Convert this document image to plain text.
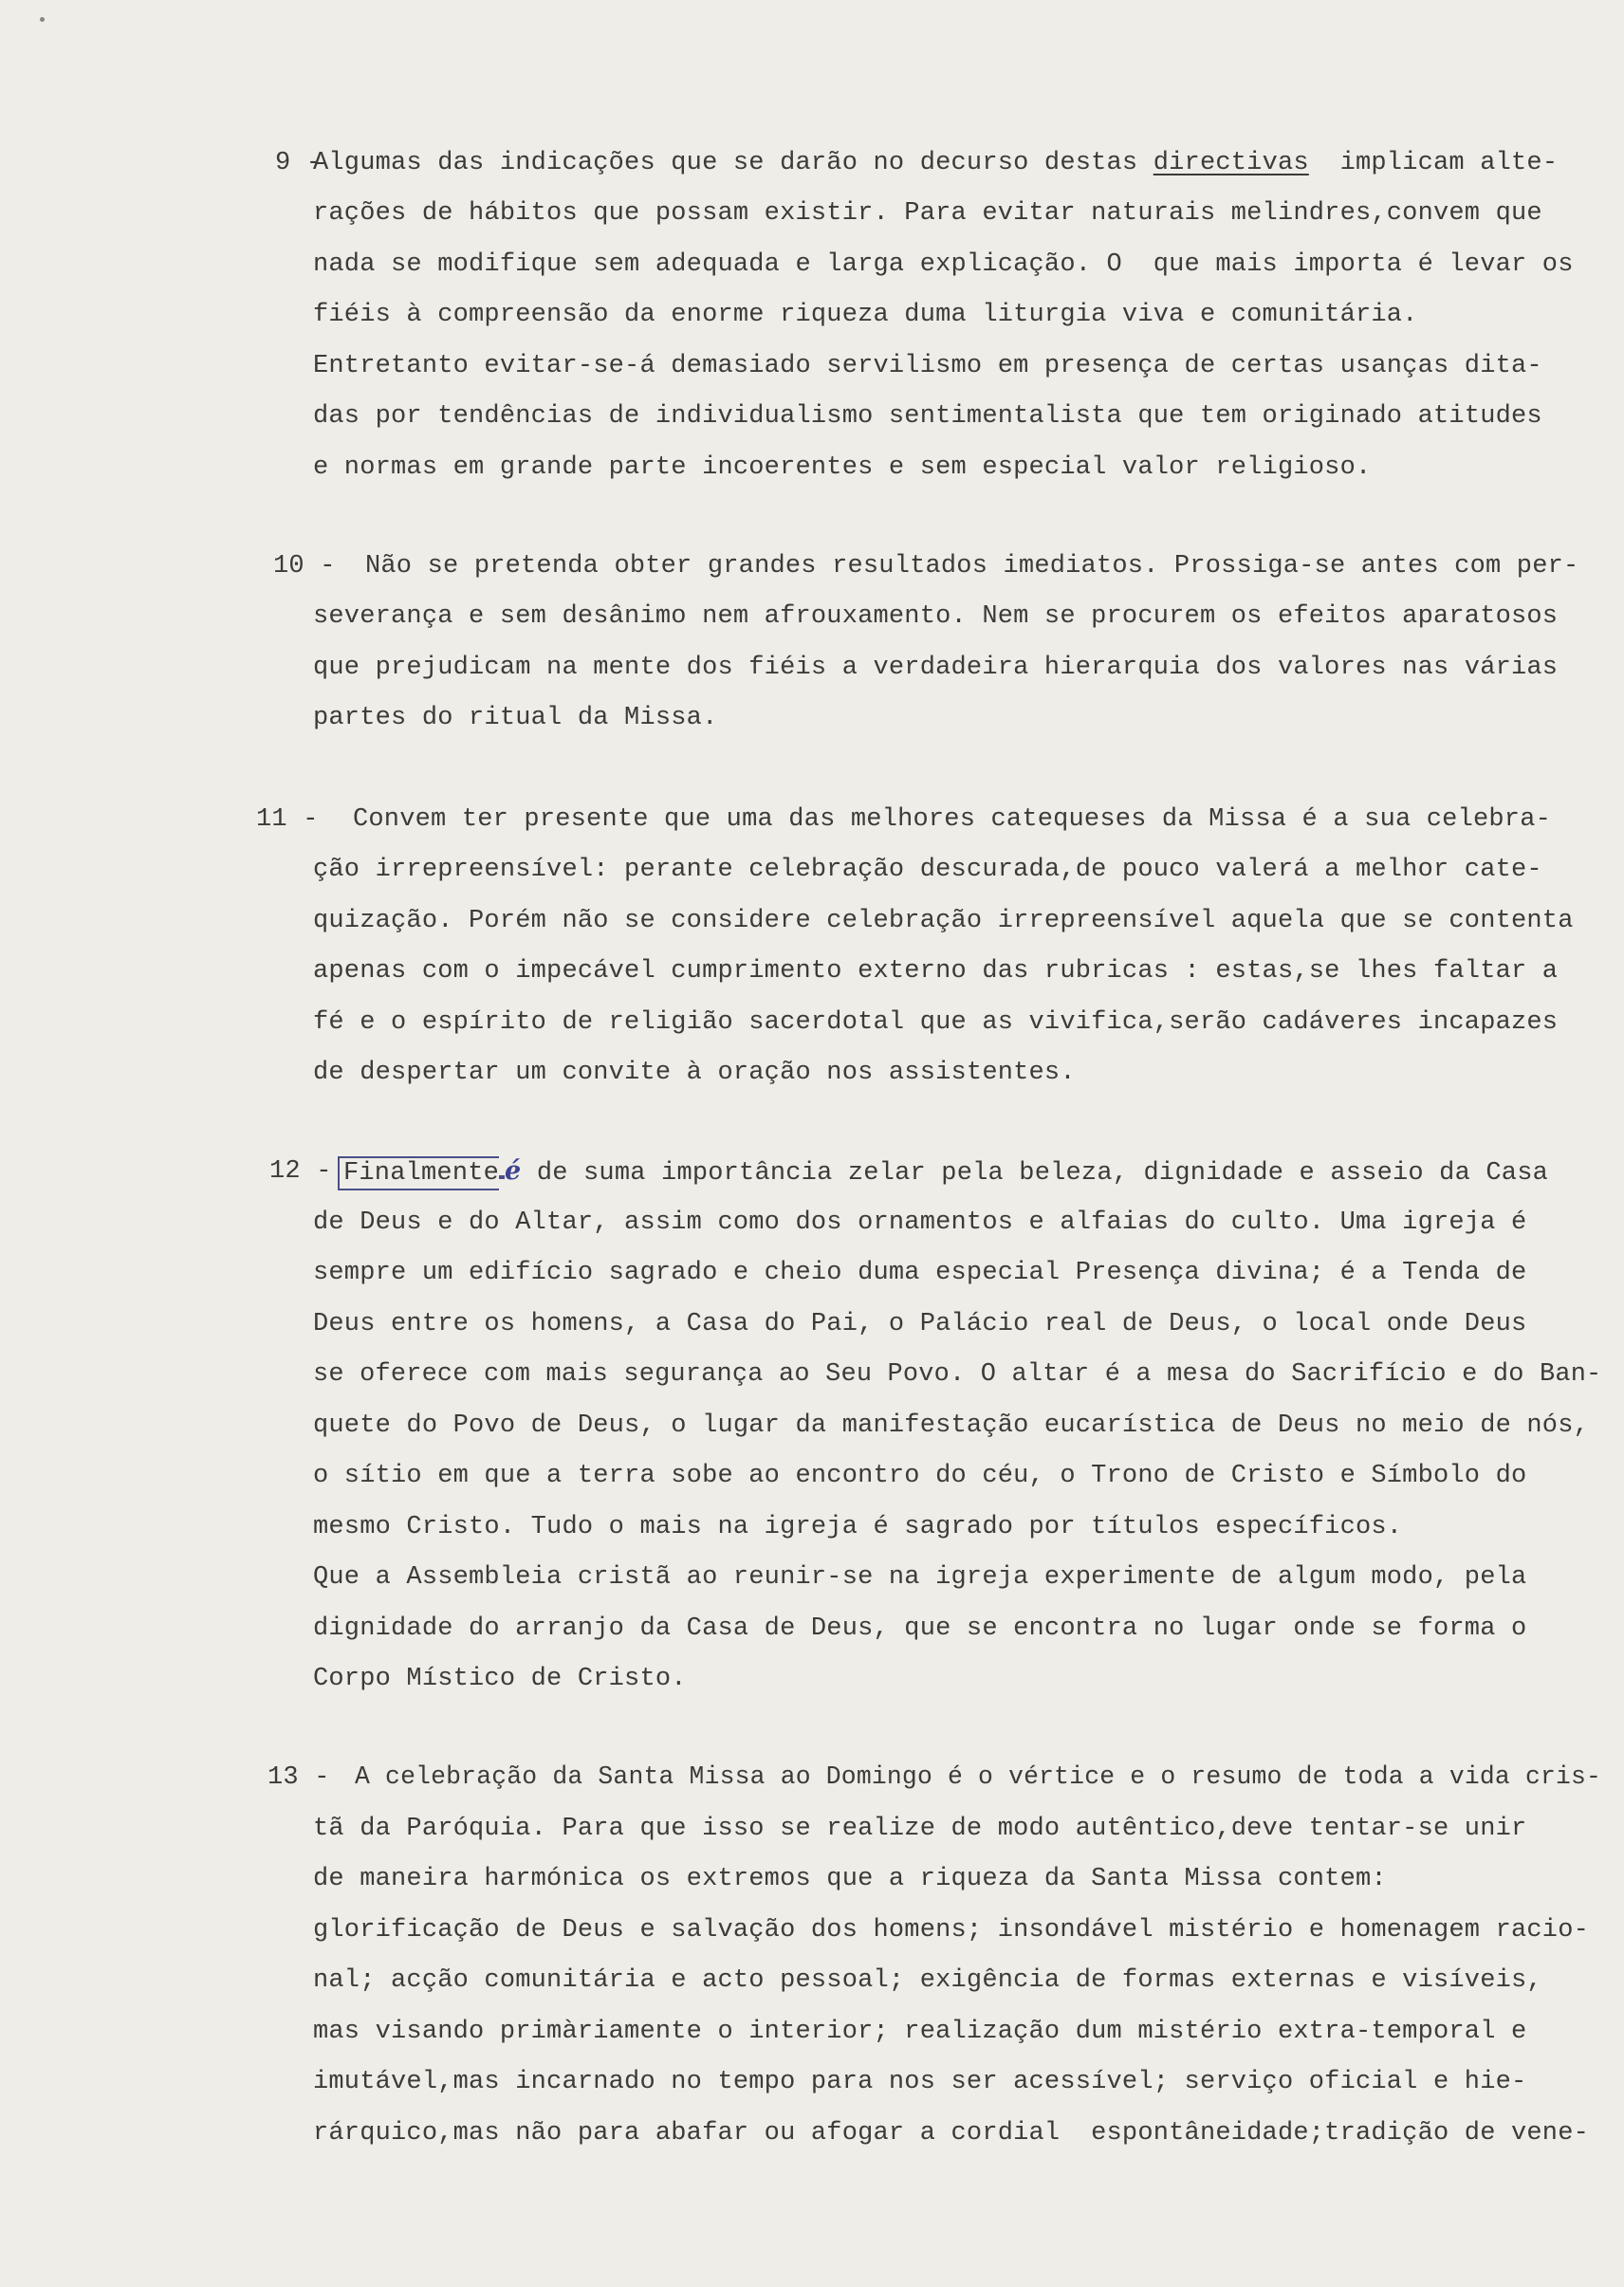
9 -
Algumas das indicações que se darão no decurso destas directivas  implicam alte-
rações de hábitos que possam existir. Para evitar naturais melindres,convem que
nada se modifique sem adequada e larga explicação. O  que mais importa é levar os
fiéis à compreensão da enorme riqueza duma liturgia viva e comunitária.
Entretanto evitar-se-á demasiado servilismo em presença de certas usanças dita-
das por tendências de individualismo sentimentalista que tem originado atitudes
e normas em grande parte incoerentes e sem especial valor religioso.
10 - Não se pretenda obter grandes resultados imediatos. Prossiga-se antes com per-
severança e sem desânimo nem afrouxamento. Nem se procurem os efeitos aparatosos
que prejudicam na mente dos fiéis a verdadeira hierarquia dos valores nas várias
partes do ritual da Missa.
11 - Convem ter presente que uma das melhores catequeses da Missa é a sua celebra-
ção irrepreensível: perante celebração descurada,de pouco valerá a melhor cate-
quização. Porém não se considere celebração irrepreensível aquela que se contenta
apenas com o impecável cumprimento externo das rubricas : estas,se lhes faltar a
fé e o espírito de religião sacerdotal que as vivifica,serão cadáveres incapazes
de despertar um convite à oração nos assistentes.
12 - Finalmente é de suma importância zelar pela beleza, dignidade e asseio da Casa
de Deus e do Altar, assim como dos ornamentos e alfaias do culto. Uma igreja é
sempre um edifício sagrado e cheio duma especial Presença divina; é a Tenda de
Deus entre os homens, a Casa do Pai, o Palácio real de Deus, o local onde Deus
se oferece com mais segurança ao Seu Povo. O altar é a mesa do Sacrifício e do Ban-
quete do Povo de Deus, o lugar da manifestação eucarística de Deus no meio de nós,
o sítio em que a terra sobe ao encontro do céu, o Trono de Cristo e Símbolo do
mesmo Cristo. Tudo o mais na igreja é sagrado por títulos específicos.
Que a Assembleia cristã ao reunir-se na igreja experimente de algum modo, pela
dignidade do arranjo da Casa de Deus, que se encontra no lugar onde se forma o
Corpo Místico de Cristo.
13 - A celebração da Santa Missa ao Domingo é o vértice e o resumo de toda a vida cris-
tã da Paróquia. Para que isso se realize de modo autêntico,deve tentar-se unir
de maneira harmónica os extremos que a riqueza da Santa Missa contem:
glorificação de Deus e salvação dos homens; insondável mistério e homenagem racio-
nal; acção comunitária e acto pessoal; exigência de formas externas e visíveis,
mas visando primàriamente o interior; realização dum mistério extra-temporal e
imutável,mas incarnado no tempo para nos ser acessível; serviço oficial e hie-
rárquico,mas não para abafar ou afogar a cordial  espontâneidade;tradição de vene-
